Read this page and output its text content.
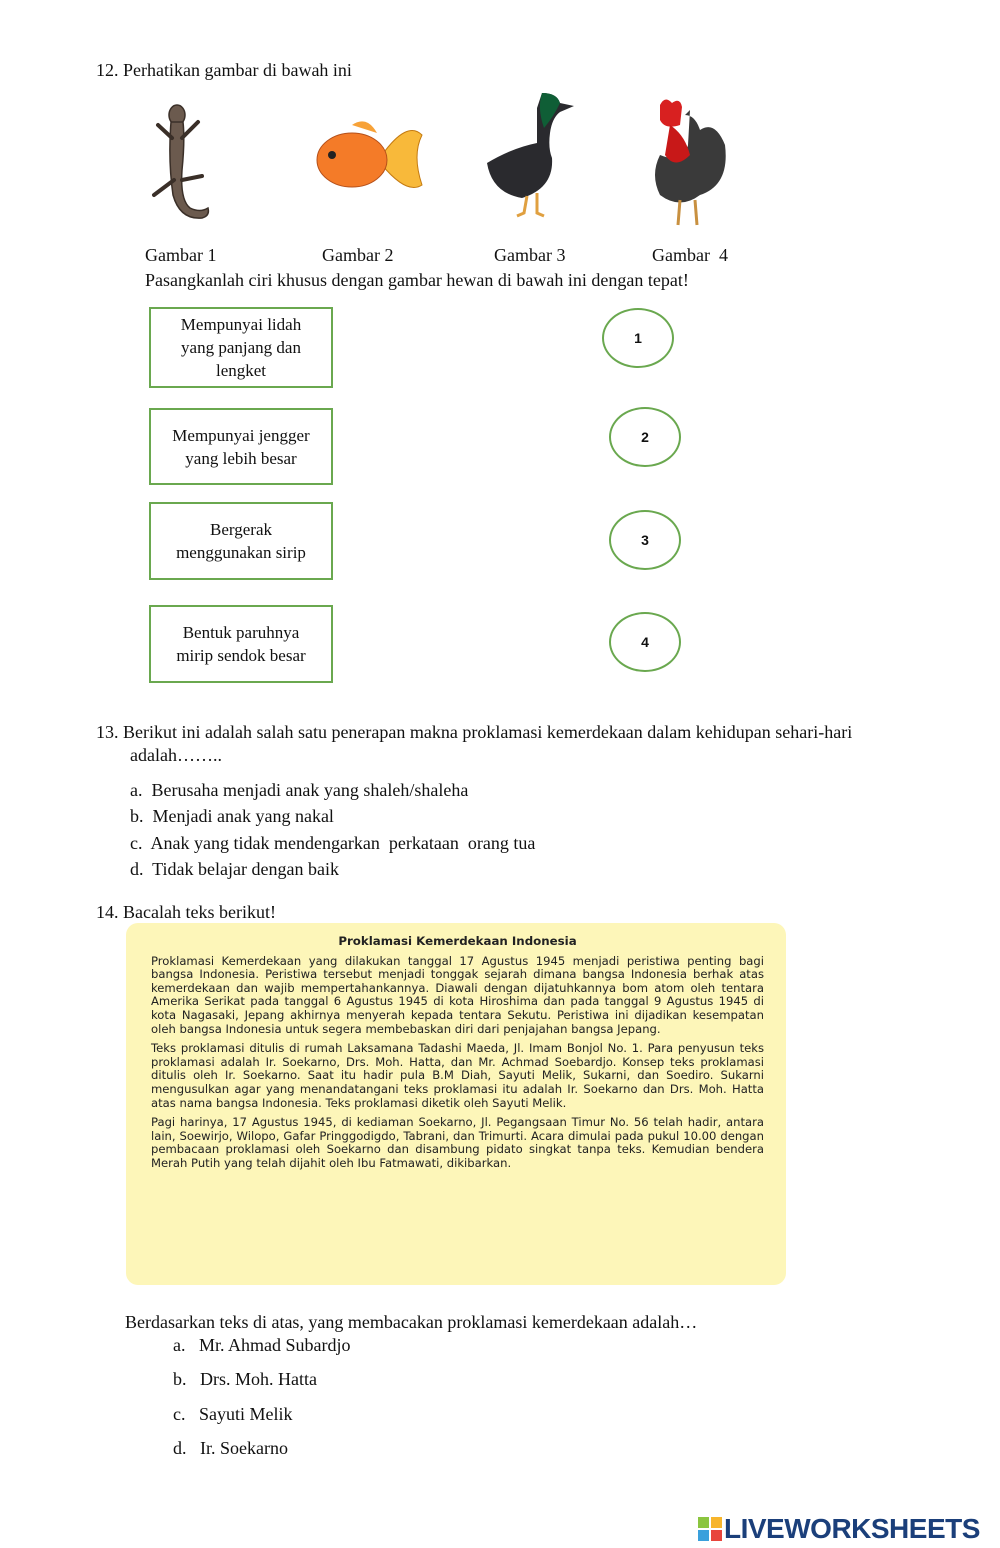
12. Perhatikan gambar di bawah ini
Gambar 1	Gambar 2	Gambar 3	Gambar  4
Pasangkanlah ciri khusus dengan gambar hewan di bawah ini dengan tepat!
Mempunyai lidah yang panjang dan lengket
Mempunyai jengger yang lebih besar
Bergerak menggunakan sirip
Bentuk paruhnya mirip sendok besar
1
2
3
4
13. Berikut ini adalah salah satu penerapan makna proklamasi kemerdekaan dalam kehidupan sehari-hari
adalah……..
a.  Berusaha menjadi anak yang shaleh/shaleha
b.  Menjadi anak yang nakal
c.  Anak yang tidak mendengarkan  perkataan  orang tua
d.  Tidak belajar dengan baik
14. Bacalah teks berikut!
Proklamasi Kemerdekaan Indonesia

Proklamasi Kemerdekaan yang dilakukan tanggal 17 Agustus 1945 menjadi peristiwa penting bagi bangsa Indonesia. Peristiwa tersebut menjadi tonggak sejarah dimana bangsa Indonesia berhak atas kemerdekaan dan wajib mempertahankannya. Diawali dengan dijatuhkannya bom atom oleh tentara Amerika Serikat pada tanggal 6 Agustus 1945 di kota Hiroshima dan pada tanggal 9 Agustus 1945 di kota Nagasaki, Jepang akhirnya menyerah kepada tentara Sekutu. Peristiwa ini dijadikan kesempatan oleh bangsa Indonesia untuk segera membebaskan diri dari penjajahan bangsa Jepang.

Teks proklamasi ditulis di rumah Laksamana Tadashi Maeda, Jl. Imam Bonjol No. 1. Para penyusun teks proklamasi adalah Ir. Soekarno, Drs. Moh. Hatta, dan Mr. Achmad Soebardjo. Konsep teks proklamasi ditulis oleh Ir. Soekarno. Saat itu hadir pula B.M Diah, Sayuti Melik, Sukarni, dan Soediro. Sukarni mengusulkan agar yang menandatangani teks proklamasi itu adalah Ir. Soekarno dan Drs. Moh. Hatta atas nama bangsa Indonesia. Teks proklamasi diketik oleh Sayuti Melik.

Pagi harinya, 17 Agustus 1945, di kediaman Soekarno, Jl. Pegangsaan Timur No. 56 telah hadir, antara lain, Soewirjo, Wilopo, Gafar Pringgodigdo, Tabrani, dan Trimurti. Acara dimulai pada pukul 10.00 dengan pembacaan proklamasi oleh Soekarno dan disambung pidato singkat tanpa teks. Kemudian bendera Merah Putih yang telah dijahit oleh Ibu Fatmawati, dikibarkan.

Berdasarkan teks di atas, yang membacakan proklamasi kemerdekaan adalah…
a.   Mr. Ahmad Subardjo
b.   Drs. Moh. Hatta
c.   Sayuti Melik
d.   Ir. Soekarno
LIVEWORKSHEETS
